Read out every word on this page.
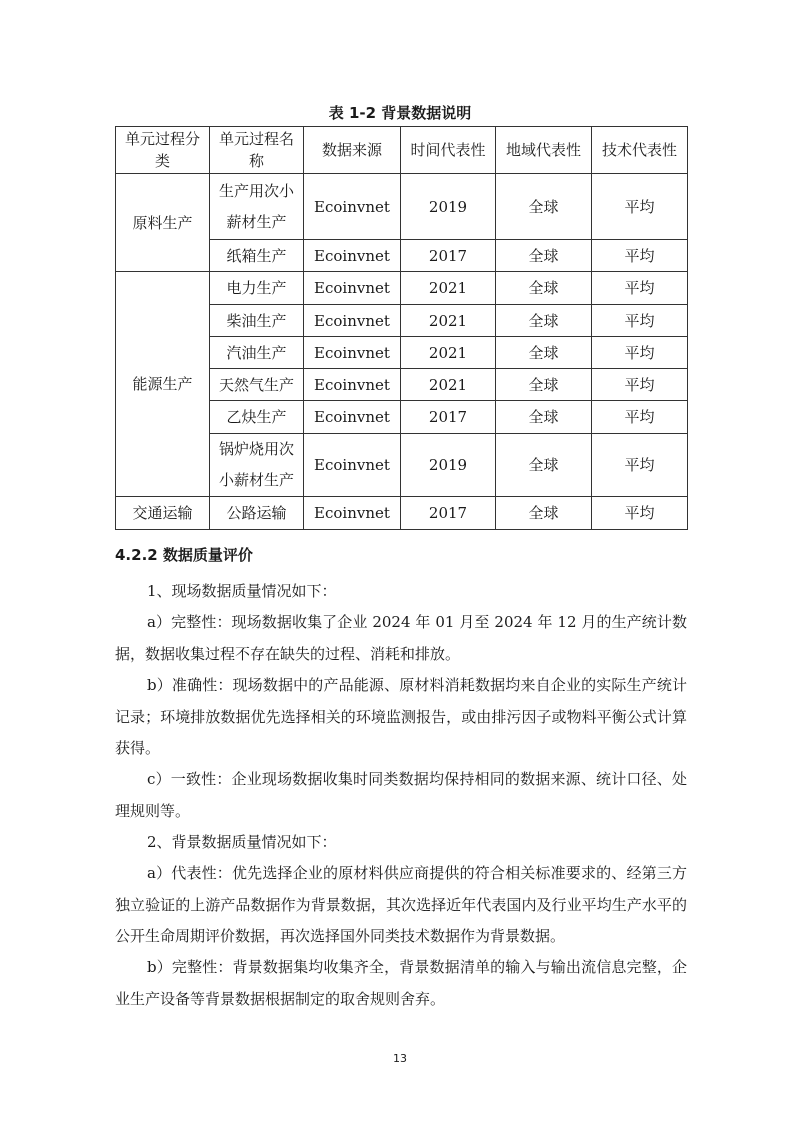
表 1-2 背景数据说明
单元过程分类	单元过程名称	数据来源	时间代表性	地域代表性	技术代表性
原料生产	生产用次小薪材生产	Ecoinvnet	2019	全球	平均
	纸箱生产	Ecoinvnet	2017	全球	平均
能源生产	电力生产	Ecoinvnet	2021	全球	平均
	柴油生产	Ecoinvnet	2021	全球	平均
	汽油生产	Ecoinvnet	2021	全球	平均
	天然气生产	Ecoinvnet	2021	全球	平均
	乙炔生产	Ecoinvnet	2017	全球	平均
	锅炉烧用次小薪材生产	Ecoinvnet	2019	全球	平均
交通运输	公路运输	Ecoinvnet	2017	全球	平均
4.2.2 数据质量评价
1、现场数据质量情况如下：
a）完整性：现场数据收集了企业 2024 年 01 月至 2024 年 12 月的生产统计数据，数据收集过程不存在缺失的过程、消耗和排放。
b）准确性：现场数据中的产品能源、原材料消耗数据均来自企业的实际生产统计记录；环境排放数据优先选择相关的环境监测报告，或由排污因子或物料平衡公式计算获得。
c）一致性：企业现场数据收集时同类数据均保持相同的数据来源、统计口径、处理规则等。
2、背景数据质量情况如下：
a）代表性：优先选择企业的原材料供应商提供的符合相关标准要求的、经第三方独立验证的上游产品数据作为背景数据，其次选择近年代表国内及行业平均生产水平的公开生命周期评价数据，再次选择国外同类技术数据作为背景数据。
b）完整性：背景数据集均收集齐全，背景数据清单的输入与输出流信息完整，企业生产设备等背景数据根据制定的取舍规则舍弃。
13
